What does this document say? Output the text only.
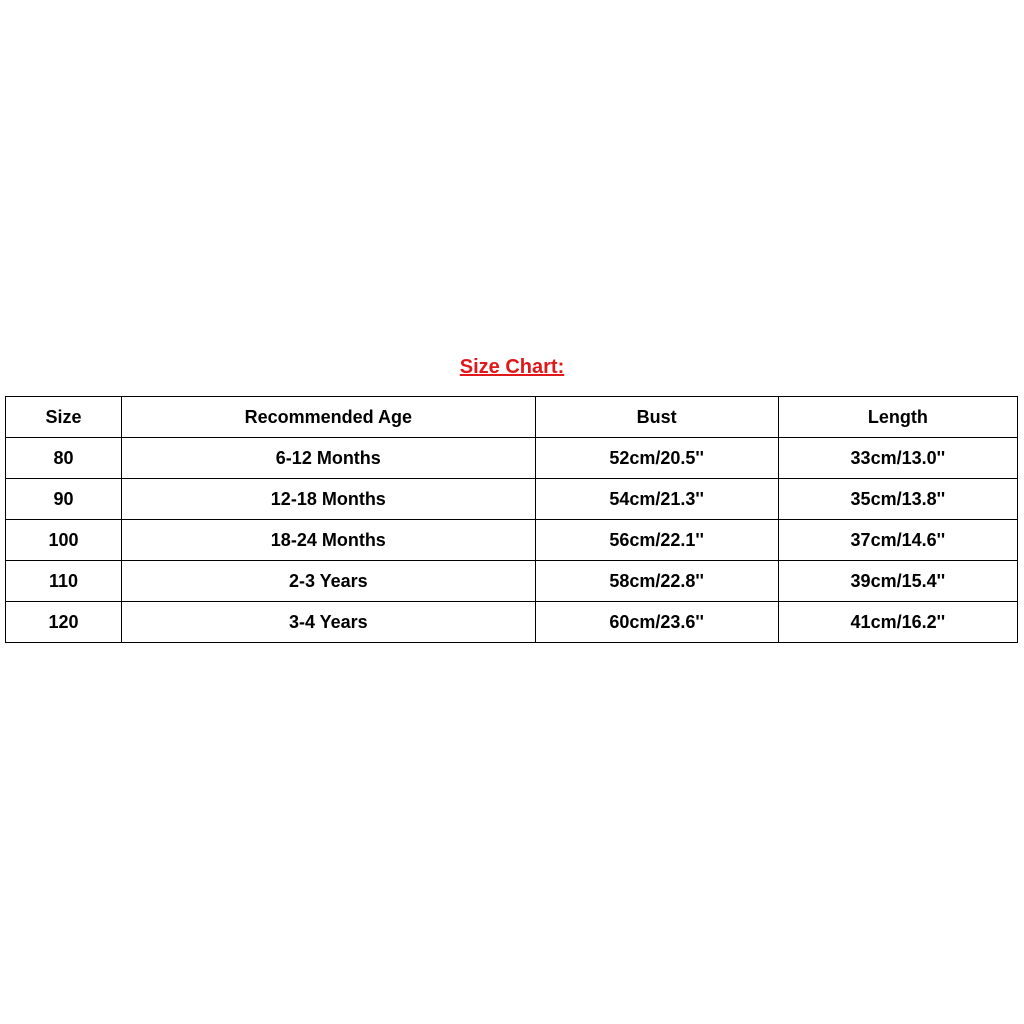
Size Chart:
Size	Recommended Age	Bust	Length
80	6-12 Months	52cm/20.5''	33cm/13.0''
90	12-18 Months	54cm/21.3''	35cm/13.8''
100	18-24 Months	56cm/22.1''	37cm/14.6''
110	2-3 Years	58cm/22.8''	39cm/15.4''
120	3-4 Years	60cm/23.6''	41cm/16.2''
